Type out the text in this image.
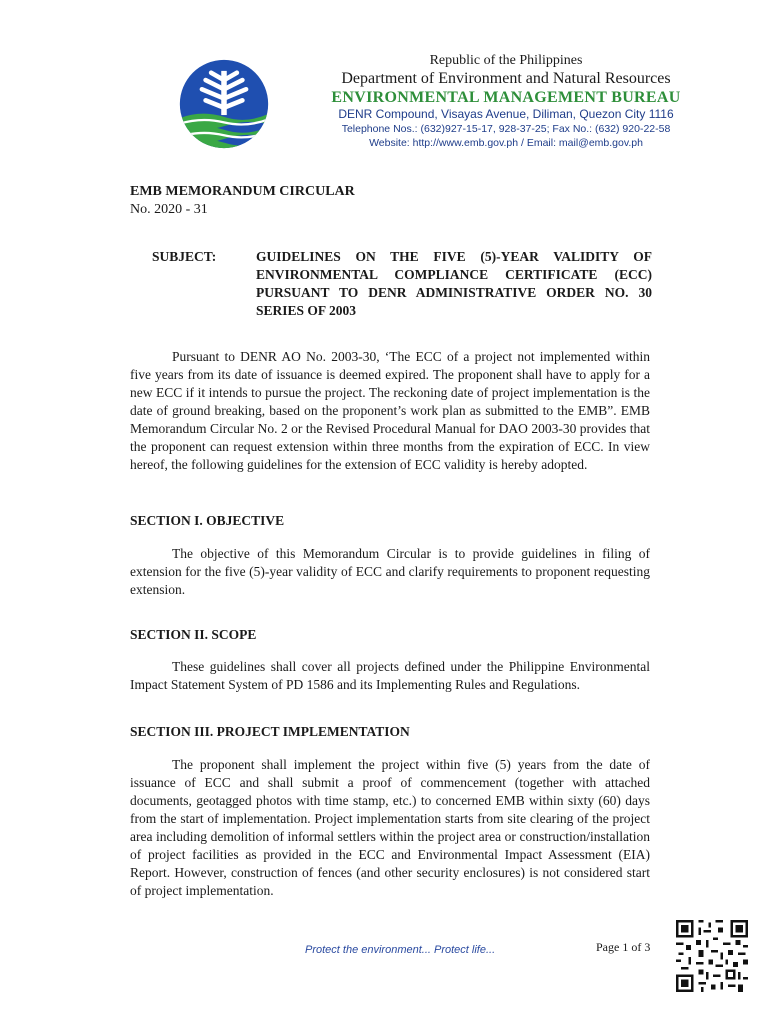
Republic of the Philippines
Department of Environment and Natural Resources
ENVIRONMENTAL MANAGEMENT BUREAU
DENR Compound, Visayas Avenue, Diliman, Quezon City 1116
Telephone Nos.: (632)927-15-17, 928-37-25; Fax No.: (632) 920-22-58
Website: http://www.emb.gov.ph / Email: mail@emb.gov.ph
EMB MEMORANDUM CIRCULAR
No. 2020 - 31
SUBJECT:	GUIDELINES ON THE FIVE (5)-YEAR VALIDITY OF ENVIRONMENTAL COMPLIANCE CERTIFICATE (ECC) PURSUANT TO DENR ADMINISTRATIVE ORDER NO. 30 SERIES OF 2003

Pursuant to DENR AO No. 2003-30, ‘The ECC of a project not implemented within five years from its date of issuance is deemed expired. The proponent shall have to apply for a new ECC if it intends to pursue the project. The reckoning date of project implementation is the date of ground breaking, based on the proponent’s work plan as submitted to the EMB”. EMB Memorandum Circular No. 2 or the Revised Procedural Manual for DAO 2003-30 provides that the proponent can request extension within three months from the expiration of ECC. In view hereof, the following guidelines for the extension of ECC validity is hereby adopted.

SECTION I. OBJECTIVE

The objective of this Memorandum Circular is to provide guidelines in filing of extension for the five (5)-year validity of ECC and clarify requirements to proponent requesting extension.

SECTION II. SCOPE

These guidelines shall cover all projects defined under the Philippine Environmental Impact Statement System of PD 1586 and its Implementing Rules and Regulations.

SECTION III. PROJECT IMPLEMENTATION

The proponent shall implement the project within five (5) years from the date of issuance of ECC and shall submit a proof of commencement (together with attached documents, geotagged photos with time stamp, etc.) to concerned EMB within sixty (60) days from the start of implementation. Project implementation starts from site clearing of the project area including demolition of informal settlers within the project area or construction/installation of project facilities as provided in the ECC and Environmental Impact Assessment (EIA) Report. However, construction of fences (and other security enclosures) is not considered start of project implementation.

Protect the environment... Protect life...	Page 1 of 3
